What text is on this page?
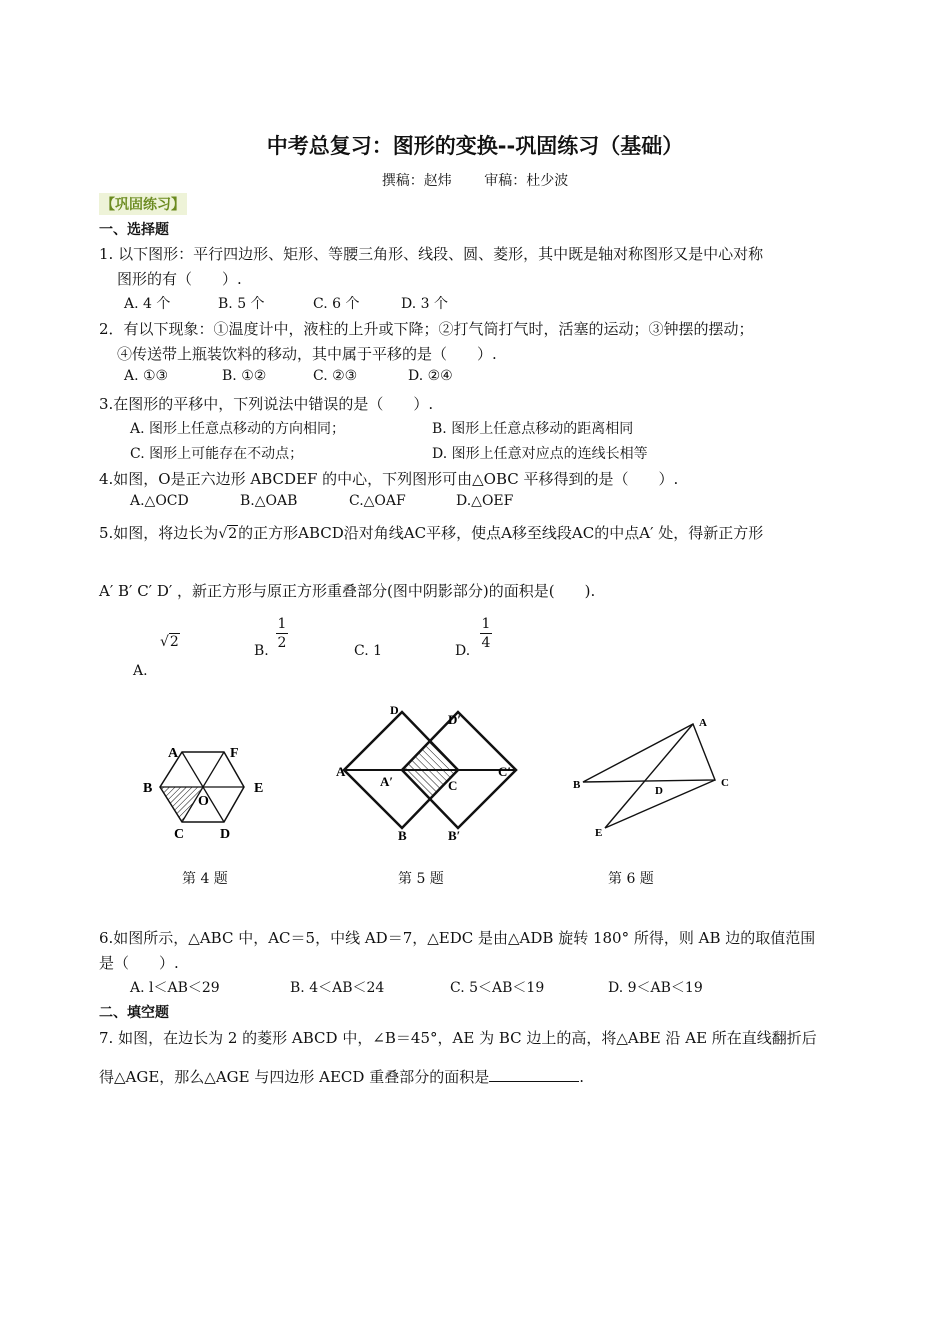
中考总复习：图形的变换--巩固练习（基础）
撰稿：赵炜 审稿：杜少波
【巩固练习】
一、选择题
1. 以下图形：平行四边形、矩形、等腰三角形、线段、圆、菱形，其中既是轴对称图形又是中心对称
图形的有（　　）.
A. 4 个	B. 5 个	C. 6 个	D. 3 个
2．有以下现象：①温度计中，液柱的上升或下降；②打气筒打气时，活塞的运动；③钟摆的摆动；
④传送带上瓶装饮料的移动，其中属于平移的是（　　）.
A. ①③	B. ①②	C. ②③	D. ②④
3.在图形的平移中，下列说法中错误的是（　　）.
A. 图形上任意点移动的方向相同；	B. 图形上任意点移动的距离相同
C. 图形上可能存在不动点；	D. 图形上任意对应点的连线长相等
4.如图，O是正六边形 ABCDEF 的中心，下列图形可由△OBC 平移得到的是（　　）.
A.△OCD	B.△OAB	C.△OAF	D.△OEF
5.如图，将边长为√2的正方形ABCD沿对角线AC平移，使点A移至线段AC的中点A′ 处，得新正方形
A′ B′ C′ D′ ，新正方形与原正方形重叠部分(图中阴影部分)的面积是(　　).
√2
A.
B.
1
2	C. 1	D.
1
4
A	F
B
O
E
C	D
D
D′
A
A′	C
C′
B	B′
A
B	C
D
E
第 4 题	第 5 题	第 6 题
6.如图所示，△ABC 中，AC＝5，中线 AD＝7，△EDC 是由△ADB 旋转 180° 所得，则 AB 边的取值范围
是（　　）.
A. l＜AB＜29	B. 4＜AB＜24	C. 5＜AB＜19	D. 9＜AB＜19
二、填空题
7. 如图，在边长为 2 的菱形 ABCD 中，∠B＝45°，AE 为 BC 边上的高，将△ABE 沿 AE 所在直线翻折后
得△AGE，那么△AGE 与四边形 AECD 重叠部分的面积是	.
